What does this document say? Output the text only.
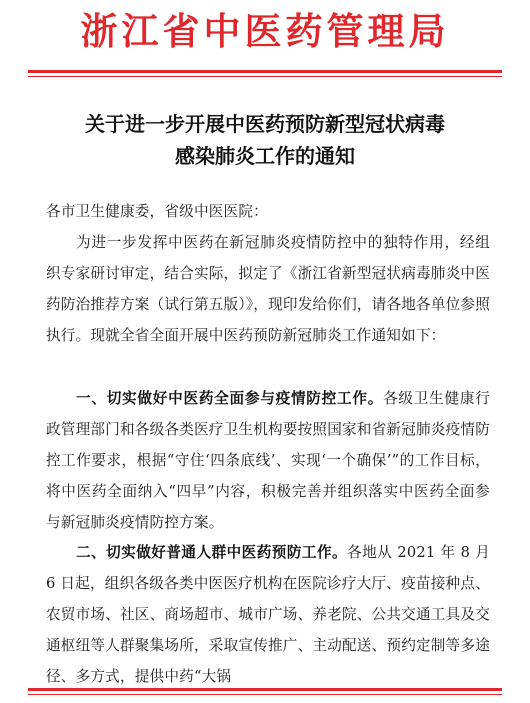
浙江省中医药管理局
关于进一步开展中医药预防新型冠状病毒
感染肺炎工作的通知
各市卫生健康委，省级中医医院：
为进一步发挥中医药在新冠肺炎疫情防控中的独特作用，经组织专家研讨审定，结合实际，拟定了《浙江省新型冠状病毒肺炎中医药防治推荐方案（试行第五版）》，现印发给你们，请各地各单位参照执行。现就全省全面开展中医药预防新冠肺炎工作通知如下：
一、切实做好中医药全面参与疫情防控工作。各级卫生健康行政管理部门和各级各类医疗卫生机构要按照国家和省新冠肺炎疫情防控工作要求，根据“守住‘四条底线’、实现‘一个确保’”的工作目标，将中医药全面纳入“四早”内容，积极完善并组织落实中医药全面参与新冠肺炎疫情防控方案。
二、切实做好普通人群中医药预防工作。各地从 2021 年 8 月 6 日起，组织各级各类中医医疗机构在医院诊疗大厅、疫苗接种点、农贸市场、社区、商场超市、城市广场、养老院、公共交通工具及交通枢纽等人群聚集场所，采取宣传推广、主动配送、预约定制等多途径、多方式，提供中药“大锅
